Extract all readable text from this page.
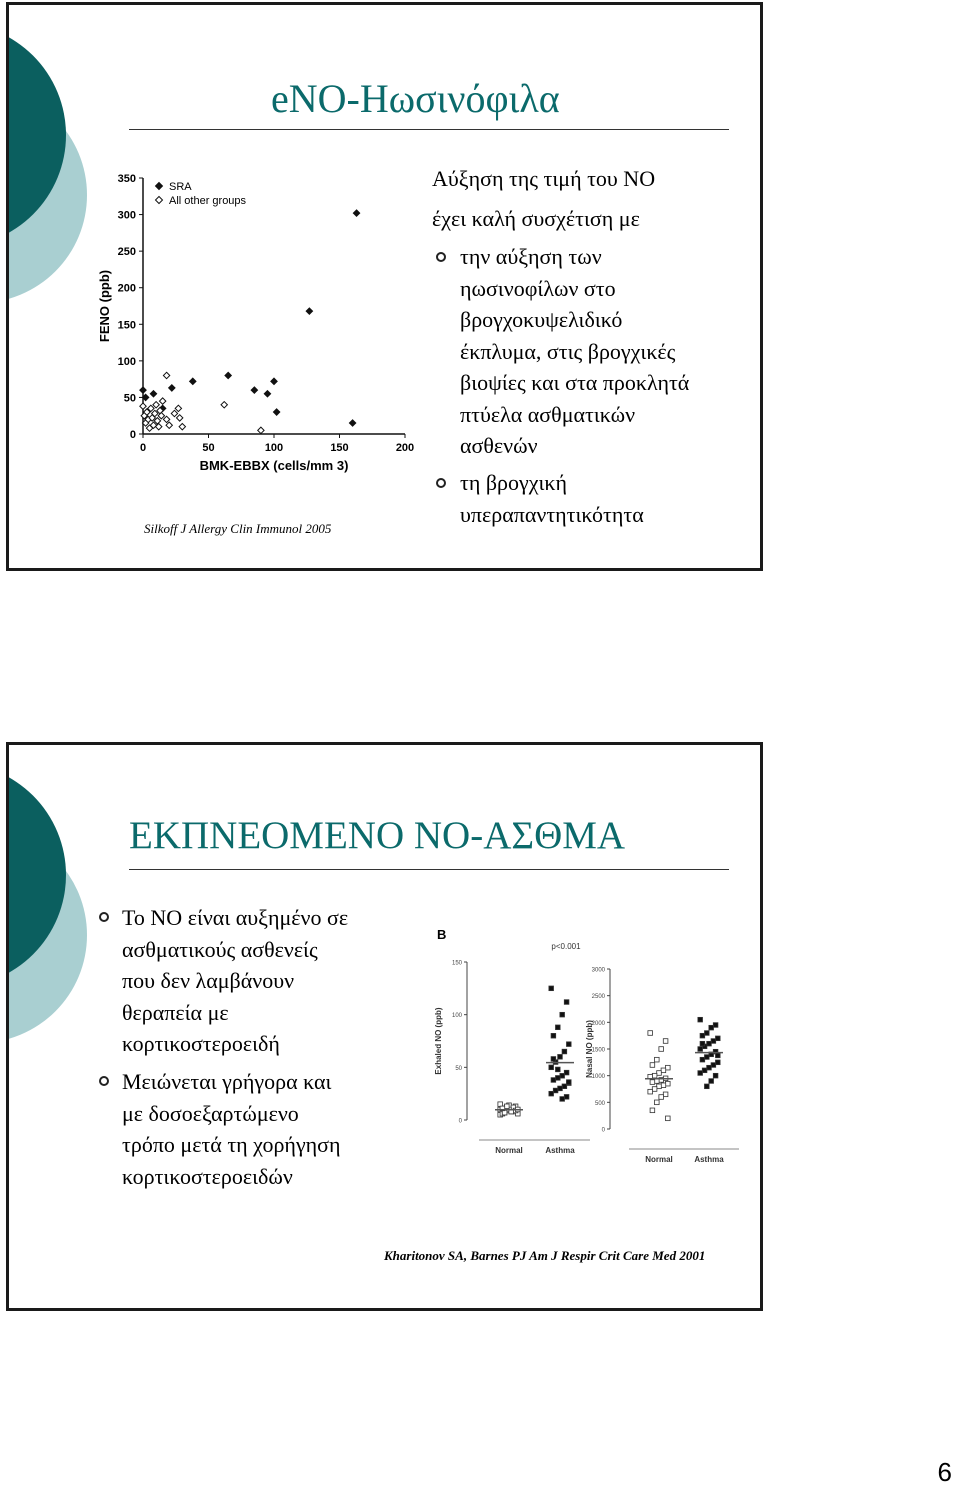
eNO-Ηωσινόφιλα
0
50
100
150
200
250
300
350
0	50	100	150	200
BMK-EBBX (cells/mm 3)
FENO (ppb)
SRA
All other groups
Silkoff J Allergy Clin Immunol 2005
Αύξηση της τιμή του NO
έχει καλή συσχέτιση με
την αύξηση των
ηωσινοφίλων στο
βρογχοκυψελιδικό
έκπλυμα, στις βρογχικές
βιοψίες και στα προκλητά
πτύελα ασθματικών
ασθενών
τη βρογχική
υπεραπαντητικότητα
ΕΚΠΝΕΟΜΕΝΟ NO-ΑΣΘΜΑ
Το NO είναι αυξημένο σε
ασθματικούς ασθενείς
που δεν λαμβάνουν
θεραπεία με
κορτικοστεροειδή
Μειώνεται γρήγορα και
με δοσοεξαρτώμενο
τρόπο μετά τη χορήγηση
κορτικοστεροειδών
B
0
50
100
150
Exhaled NO (ppb)
Normal	Asthma
p<0.001
0
500
1000
1500
2000
2500
3000
Nasal NO (ppb)
Normal	Asthma
Kharitonov SA, Barnes PJ Am J Respir Crit Care Med 2001
6
